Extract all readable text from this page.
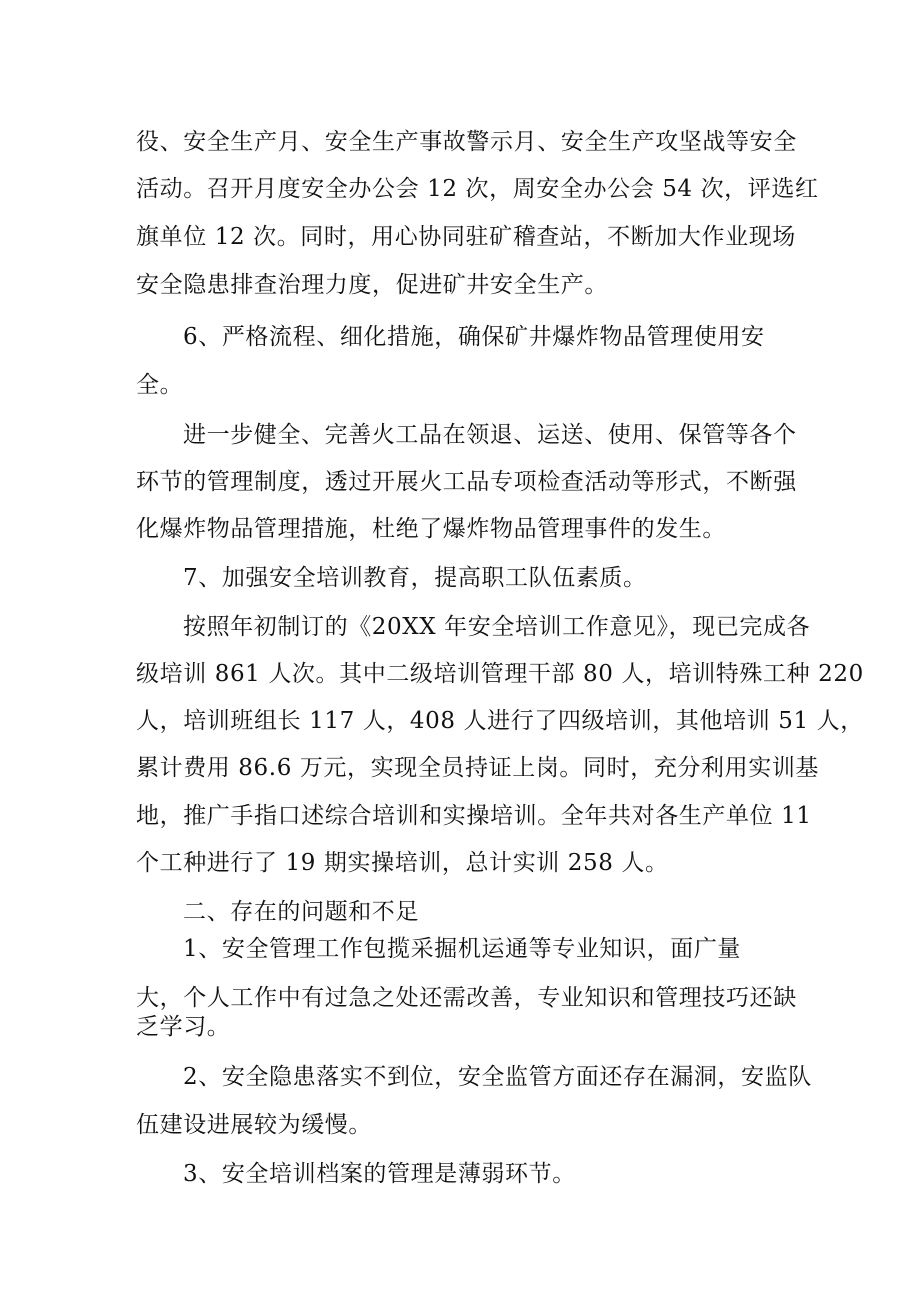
役、安全生产月、安全生产事故警示月、安全生产攻坚战等安全
活动。召开月度安全办公会 12 次，周安全办公会 54 次，评选红
旗单位 12 次。同时，用心协同驻矿稽查站，不断加大作业现场
安全隐患排查治理力度，促进矿井安全生产。
6、严格流程、细化措施，确保矿井爆炸物品管理使用安
全。
进一步健全、完善火工品在领退、运送、使用、保管等各个
环节的管理制度，透过开展火工品专项检查活动等形式，不断强
化爆炸物品管理措施，杜绝了爆炸物品管理事件的发生。
7、加强安全培训教育，提高职工队伍素质。
按照年初制订的《20XX 年安全培训工作意见》，现已完成各
级培训 861 人次。其中二级培训管理干部 80 人，培训特殊工种 220
人，培训班组长 117 人，408 人进行了四级培训，其他培训 51 人，
累计费用 86.6 万元，实现全员持证上岗。同时，充分利用实训基
地，推广手指口述综合培训和实操培训。全年共对各生产单位 11
个工种进行了 19 期实操培训，总计实训 258 人。
二、存在的问题和不足
1、安全管理工作包揽采掘机运通等专业知识，面广量
大，个人工作中有过急之处还需改善，专业知识和管理技巧还缺
乏学习。
2、安全隐患落实不到位，安全监管方面还存在漏洞，安监队
伍建设进展较为缓慢。
3、安全培训档案的管理是薄弱环节。
